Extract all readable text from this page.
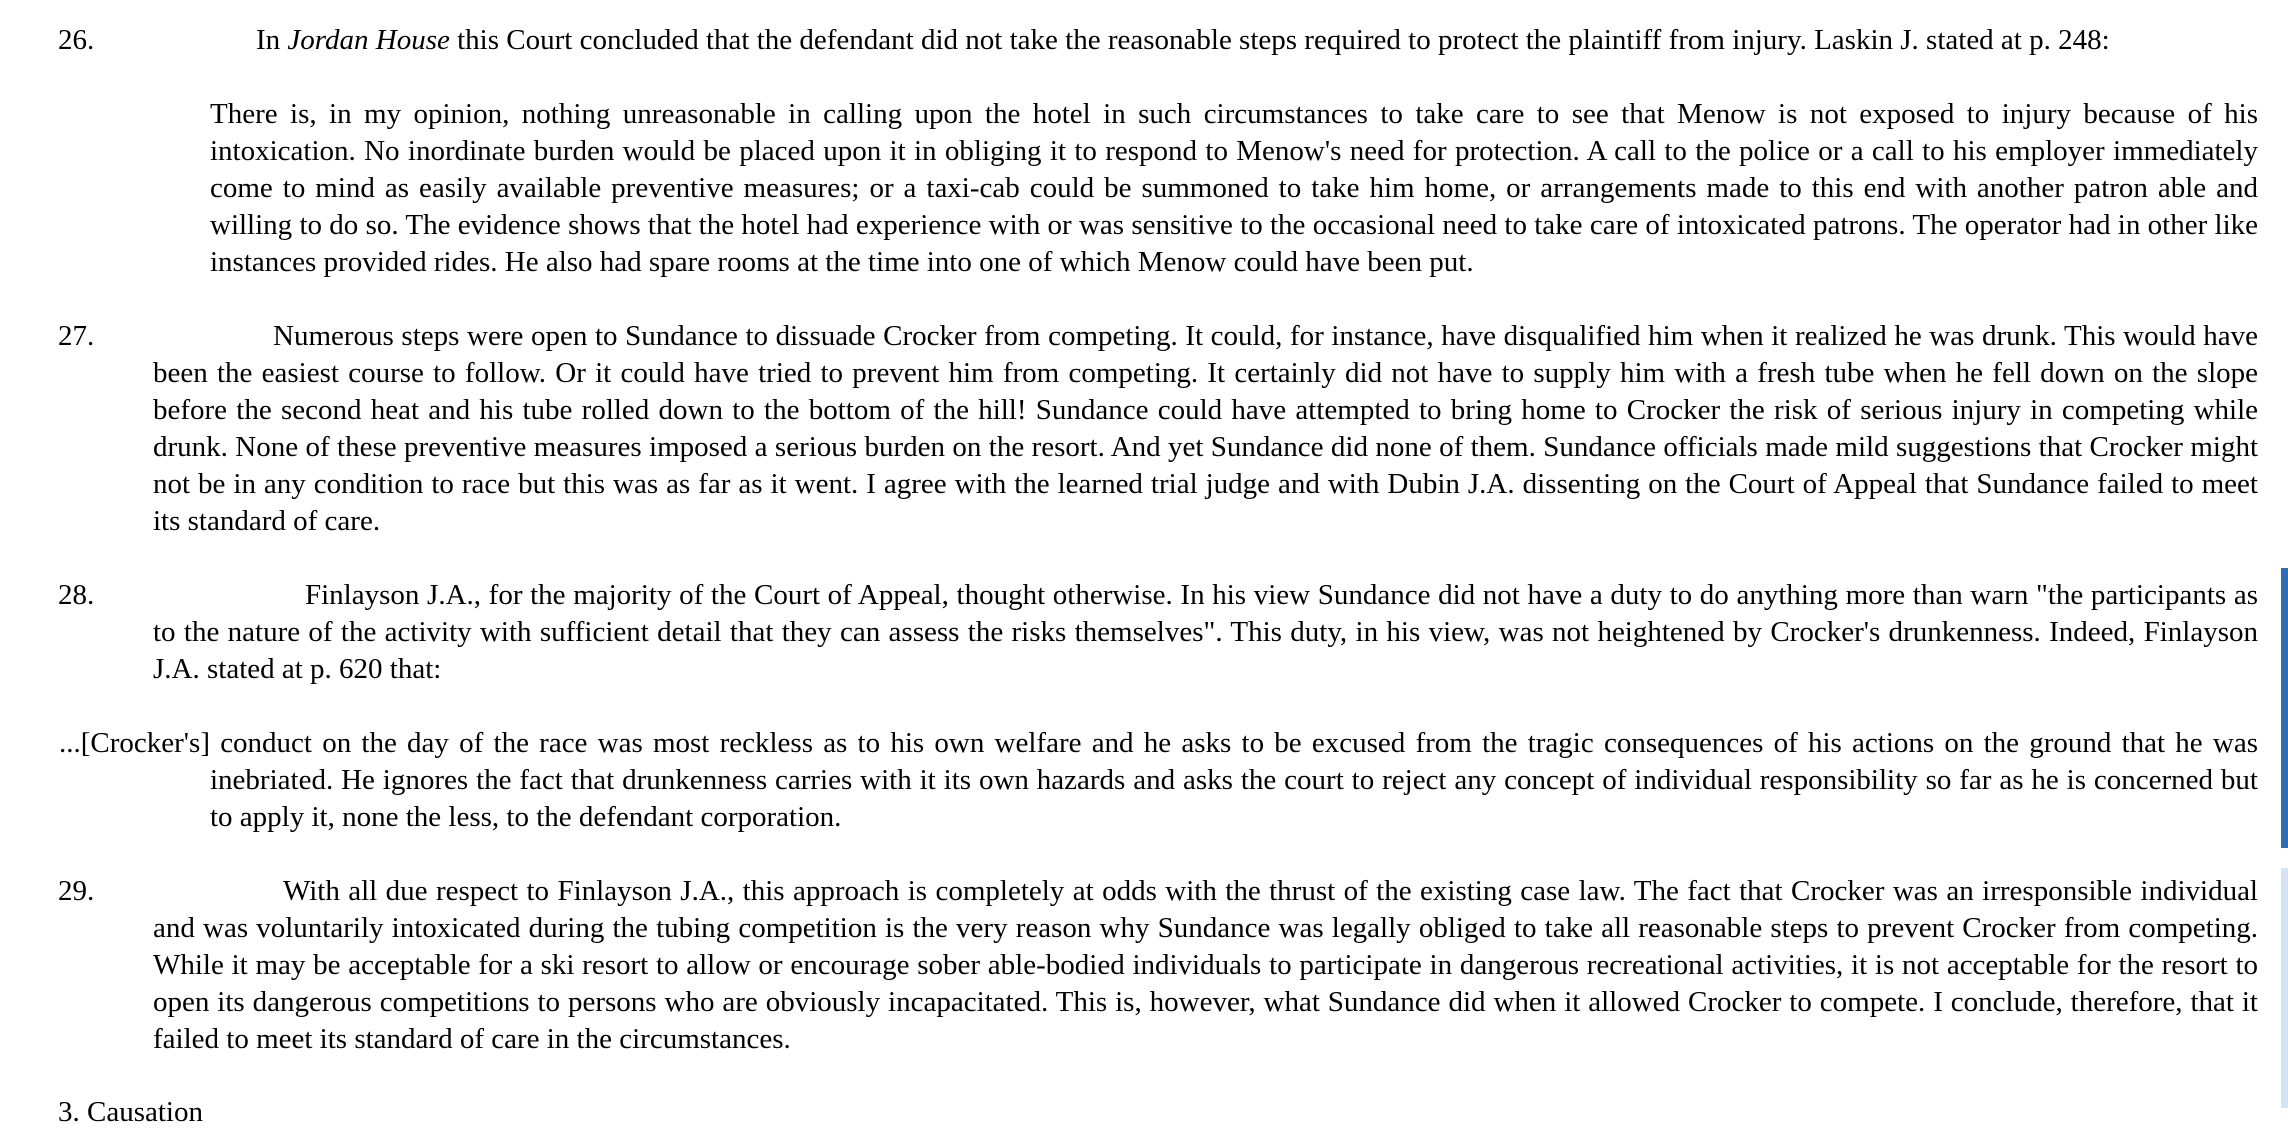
26.	In Jordan House this Court concluded that the defendant did not take the reasonable steps required to protect the plaintiff from injury. Laskin J. stated at p. 248:
There is, in my opinion, nothing unreasonable in calling upon the hotel in such circumstances to take care to see that Menow is not exposed to injury because of his intoxication. No inordinate burden would be placed upon it in obliging it to respond to Menow's need for protection. A call to the police or a call to his employer immediately come to mind as easily available preventive measures; or a taxi-cab could be summoned to take him home, or arrangements made to this end with another patron able and willing to do so. The evidence shows that the hotel had experience with or was sensitive to the occasional need to take care of intoxicated patrons. The operator had in other like instances provided rides. He also had spare rooms at the time into one of which Menow could have been put.
27.	Numerous steps were open to Sundance to dissuade Crocker from competing. It could, for instance, have disqualified him when it realized he was drunk. This would have been the easiest course to follow. Or it could have tried to prevent him from competing. It certainly did not have to supply him with a fresh tube when he fell down on the slope before the second heat and his tube rolled down to the bottom of the hill! Sundance could have attempted to bring home to Crocker the risk of serious injury in competing while drunk. None of these preventive measures imposed a serious burden on the resort. And yet Sundance did none of them. Sundance officials made mild suggestions that Crocker might not be in any condition to race but this was as far as it went. I agree with the learned trial judge and with Dubin J.A. dissenting on the Court of Appeal that Sundance failed to meet its standard of care.
28.	Finlayson J.A., for the majority of the Court of Appeal, thought otherwise. In his view Sundance did not have a duty to do anything more than warn "the participants as to the nature of the activity with sufficient detail that they can assess the risks themselves". This duty, in his view, was not heightened by Crocker's drunkenness. Indeed, Finlayson J.A. stated at p. 620 that:
...[Crocker's] conduct on the day of the race was most reckless as to his own welfare and he asks to be excused from the tragic consequences of his actions on the ground that he was inebriated. He ignores the fact that drunkenness carries with it its own hazards and asks the court to reject any concept of individual responsibility so far as he is concerned but to apply it, none the less, to the defendant corporation.
29.	With all due respect to Finlayson J.A., this approach is completely at odds with the thrust of the existing case law. The fact that Crocker was an irresponsible individual and was voluntarily intoxicated during the tubing competition is the very reason why Sundance was legally obliged to take all reasonable steps to prevent Crocker from competing. While it may be acceptable for a ski resort to allow or encourage sober able-bodied individuals to participate in dangerous recreational activities, it is not acceptable for the resort to open its dangerous competitions to persons who are obviously incapacitated. This is, however, what Sundance did when it allowed Crocker to compete. I conclude, therefore, that it failed to meet its standard of care in the circumstances.
3. Causation
